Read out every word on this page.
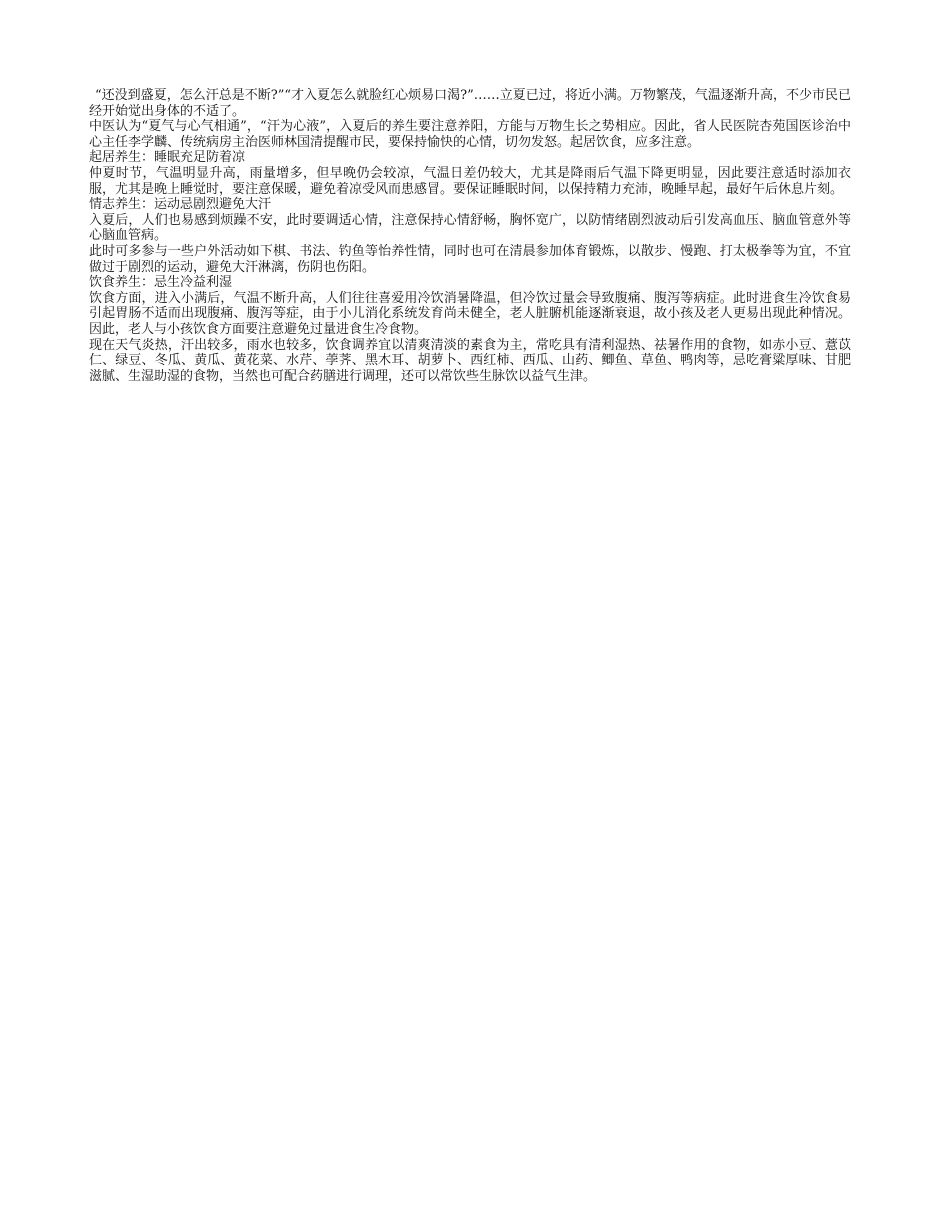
“还没到盛夏，怎么汗总是不断?”“才入夏怎么就脸红心烦易口渴?”……立夏已过，将近小满。万物繁茂，气温逐渐升高，不少市民已经开始觉出身体的不适了。

中医认为“夏气与心气相通”，“汗为心液”，入夏后的养生要注意养阳，方能与万物生长之势相应。因此，省人民医院杏苑国医诊治中心主任李学麟、传统病房主治医师林国清提醒市民，要保持愉快的心情，切勿发怒。起居饮食，应多注意。

起居养生：睡眠充足防着凉

仲夏时节，气温明显升高，雨量增多，但早晚仍会较凉，气温日差仍较大，尤其是降雨后气温下降更明显，因此要注意适时添加衣服，尤其是晚上睡觉时，要注意保暖，避免着凉受风而患感冒。要保证睡眠时间，以保持精力充沛，晚睡早起，最好午后休息片刻。

情志养生：运动忌剧烈避免大汗

入夏后，人们也易感到烦躁不安，此时要调适心情，注意保持心情舒畅，胸怀宽广，以防情绪剧烈波动后引发高血压、脑血管意外等心脑血管病。

此时可多参与一些户外活动如下棋、书法、钓鱼等怡养性情，同时也可在清晨参加体育锻炼，以散步、慢跑、打太极拳等为宜，不宜做过于剧烈的运动，避免大汗淋漓，伤阴也伤阳。

饮食养生：忌生冷益利湿

饮食方面，进入小满后，气温不断升高，人们往往喜爱用冷饮消暑降温，但冷饮过量会导致腹痛、腹泻等病症。此时进食生冷饮食易引起胃肠不适而出现腹痛、腹泻等症，由于小儿消化系统发育尚未健全，老人脏腑机能逐渐衰退，故小孩及老人更易出现此种情况。因此，老人与小孩饮食方面要注意避免过量进食生冷食物。

现在天气炎热，汗出较多，雨水也较多，饮食调养宜以清爽清淡的素食为主，常吃具有清利湿热、祛暑作用的食物，如赤小豆、薏苡仁、绿豆、冬瓜、黄瓜、黄花菜、水芹、荸荠、黑木耳、胡萝卜、西红柿、西瓜、山药、鲫鱼、草鱼、鸭肉等，忌吃膏粱厚味、甘肥滋腻、生湿助湿的食物，当然也可配合药膳进行调理，还可以常饮些生脉饮以益气生津。
